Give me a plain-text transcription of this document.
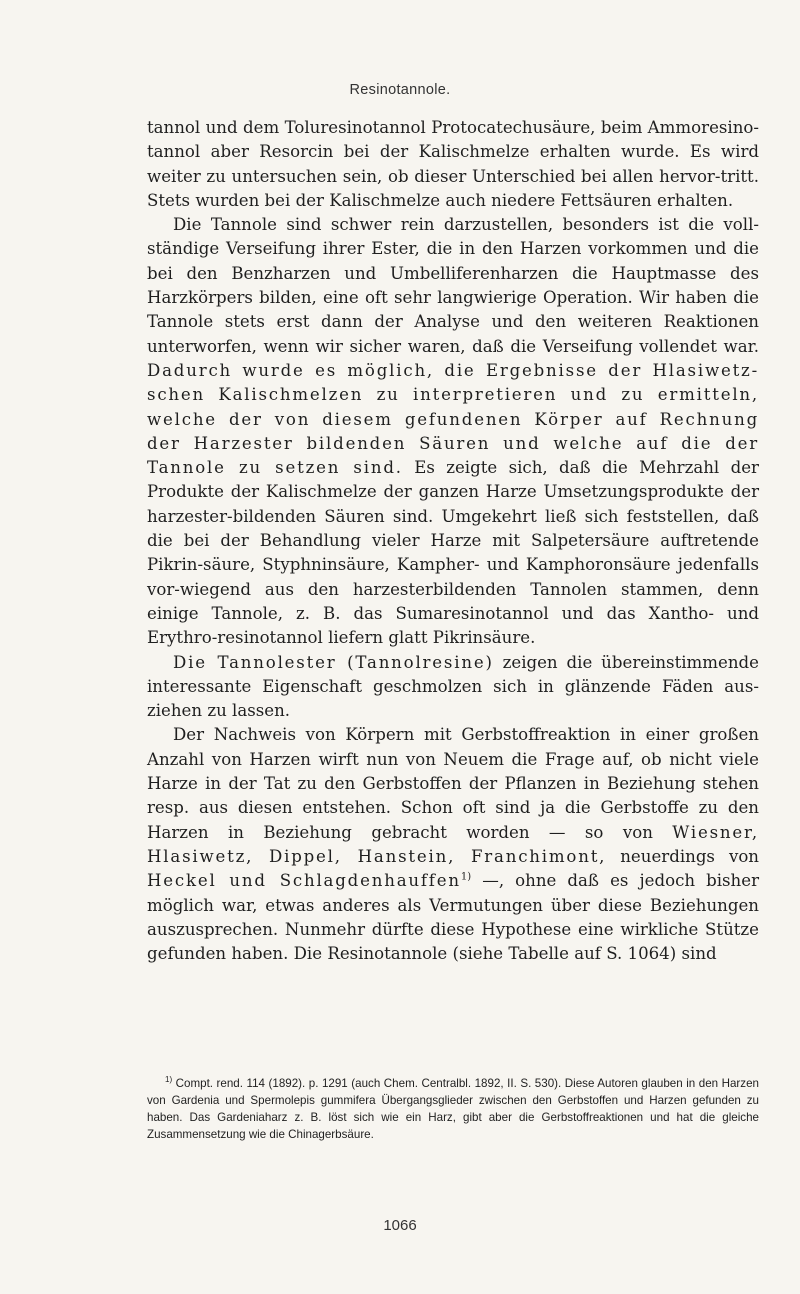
Resinotannole.

tannol und dem Toluresinotannol Protocatechusäure, beim Ammoresino-tannol aber Resorcin bei der Kalischmelze erhalten wurde. Es wird weiter zu untersuchen sein, ob dieser Unterschied bei allen hervor-tritt. Stets wurden bei der Kalischmelze auch niedere Fettsäuren erhalten.

Die Tannole sind schwer rein darzustellen, besonders ist die voll-ständige Verseifung ihrer Ester, die in den Harzen vorkommen und die bei den Benzharzen und Umbelliferenharzen die Hauptmasse des Harzkörpers bilden, eine oft sehr langwierige Operation. Wir haben die Tannole stets erst dann der Analyse und den weiteren Reaktionen unterworfen, wenn wir sicher waren, daß die Verseifung vollendet war. Dadurch wurde es möglich, die Ergebnisse der Hlasiwetz-schen Kalischmelzen zu interpretieren und zu ermitteln, welche der von diesem gefundenen Körper auf Rechnung der Harzester bildenden Säuren und welche auf die der Tannole zu setzen sind. Es zeigte sich, daß die Mehrzahl der Produkte der Kalischmelze der ganzen Harze Umsetzungsprodukte der harzester-bildenden Säuren sind. Umgekehrt ließ sich feststellen, daß die bei der Behandlung vieler Harze mit Salpetersäure auftretende Pikrin-säure, Styphninsäure, Kampher- und Kamphoronsäure jedenfalls vor-wiegend aus den harzesterbildenden Tannolen stammen, denn einige Tannole, z. B. das Sumaresinotannol und das Xantho- und Erythro-resinotannol liefern glatt Pikrinsäure.

Die Tannolester (Tannolresine) zeigen die übereinstimmende interessante Eigenschaft geschmolzen sich in glänzende Fäden aus-ziehen zu lassen.

Der Nachweis von Körpern mit Gerbstoffreaktion in einer großen Anzahl von Harzen wirft nun von Neuem die Frage auf, ob nicht viele Harze in der Tat zu den Gerbstoffen der Pflanzen in Beziehung stehen resp. aus diesen entstehen. Schon oft sind ja die Gerbstoffe zu den Harzen in Beziehung gebracht worden — so von Wiesner, Hlasiwetz, Dippel, Hanstein, Franchimont, neuerdings von Heckel und Schlagdenhauffen$^{1)}$ —, ohne daß es jedoch bisher möglich war, etwas anderes als Vermutungen über diese Beziehungen auszusprechen. Nunmehr dürfte diese Hypothese eine wirkliche Stütze gefunden haben. Die Resinotannole (siehe Tabelle auf S. 1064) sind

$^{1)}$ Compt. rend. 114 (1892). p. 1291 (auch Chem. Centralbl. 1892, II. S. 530). Diese Autoren glauben in den Harzen von Gardenia und Spermolepis gummifera Übergangsglieder zwischen den Gerbstoffen und Harzen gefunden zu haben. Das Gardeniaharz z. B. löst sich wie ein Harz, gibt aber die Gerbstoffreaktionen und hat die gleiche Zusammensetzung wie die Chinagerbsäure.

1066
